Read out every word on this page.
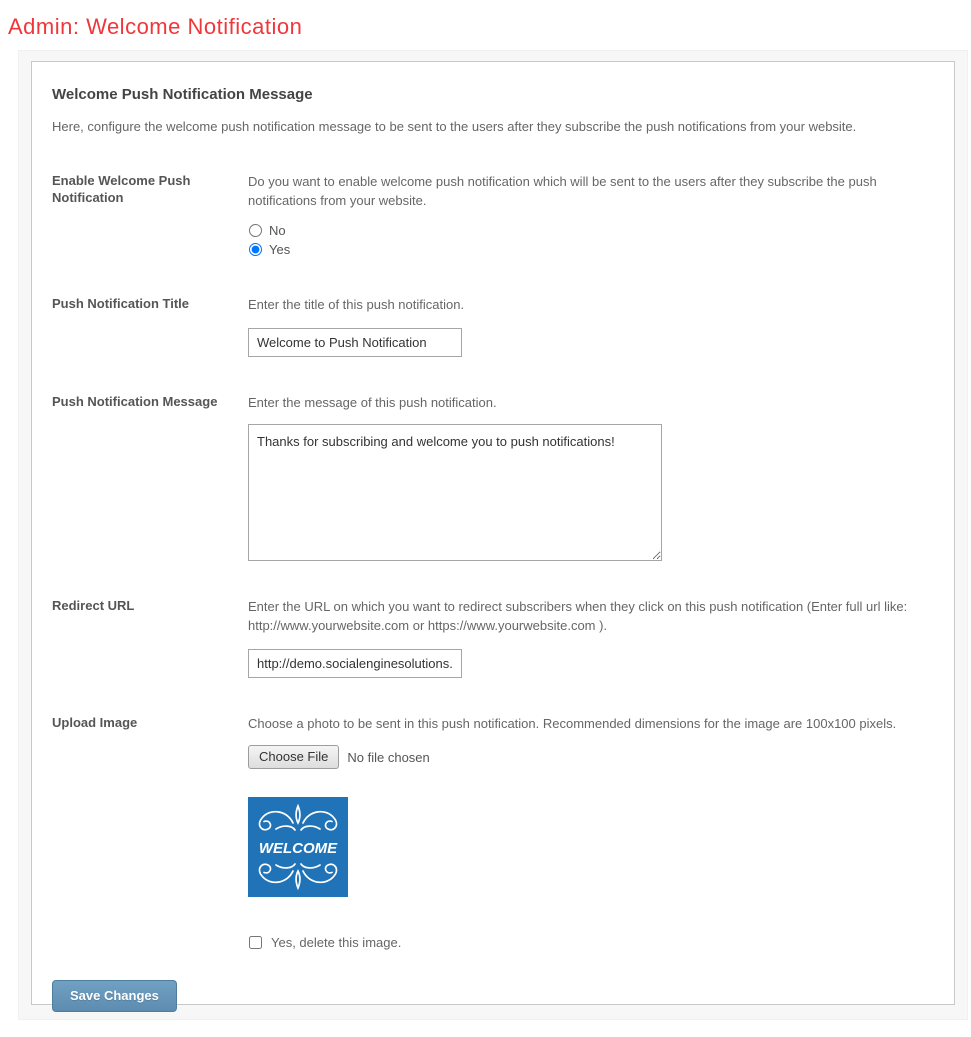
Admin: Welcome Notification
Welcome Push Notification Message

Here, configure the welcome push notification message to be sent to the users after they subscribe the push notifications from your website.

Enable Welcome Push Notification

Do you want to enable welcome push notification which will be sent to the users after they subscribe the push notifications from your website.

No
Yes
Push Notification Title	Enter the title of this push notification.

Welcome to Push Notification
Push Notification Message	Enter the message of this push notification.

Thanks for subscribing and welcome you to push notifications!
Redirect URL	Enter the URL on which you want to redirect subscribers when they click on this push notification (Enter full url like: http://www.yourwebsite.com or https://www.yourwebsite.com ).

http://demo.socialenginesolutions.com
Upload Image	Choose a photo to be sent in this push notification. Recommended dimensions for the image are 100x100 pixels.

Choose File	No file chosen
WELCOME
Yes, delete this image.
Save Changes
